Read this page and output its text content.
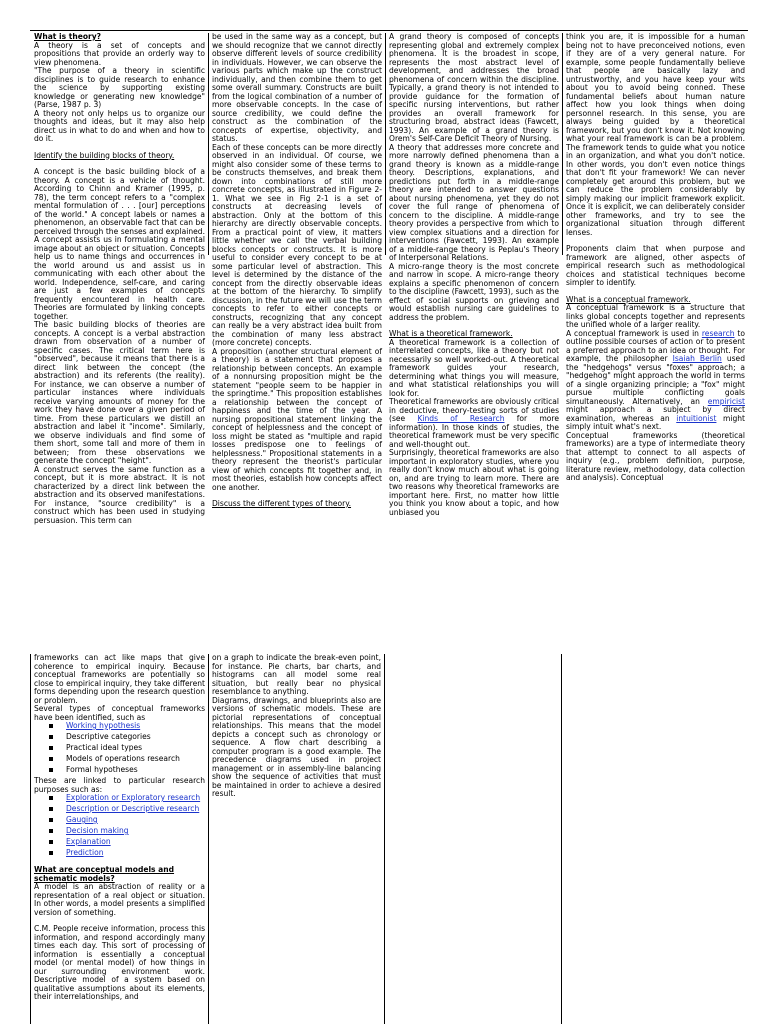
What is theory?

A theory is a set of concepts and propositions that provide an orderly way to view phenomena.

"The purpose of a theory in scientific disciplines is to guide research to enhance the science by supporting existing knowledge or generating new knowledge" (Parse, 1987 p. 3)

A theory not only helps us to organize our thoughts and ideas, but it may also help direct us in what to do and when and how to do it.

Identify the building blocks of theory.

A concept is the basic building block of a theory. A concept is a vehicle of thought. According to Chinn and Kramer (1995, p. 78), the term concept refers to a "complex mental formulation of . . . [our] perceptions of the world." A concept labels or names a phenomenon, an observable fact that can be perceived through the senses and explained. A concept assists us in formulating a mental image about an object or situation. Concepts help us to name things and occurrences in the world around us and assist us in communicating with each other about the world. Independence, self-care, and caring are just a few examples of concepts frequently encountered in health care. Theories are formulated by linking concepts together.

The basic building blocks of theories are concepts. A concept is a verbal abstraction drawn from observation of a number of specific cases. The critical term here is "observed", because it means that there is a direct link between the concept (the abstraction) and its referents (the reality). For instance, we can observe a number of particular instances where individuals receive varying amounts of money for the work they have done over a given period of time. From these particulars we distill an abstraction and label it "income". Similarly, we observe individuals and find some of them short, some tall and more of them in between; from these observations we generate the concept "height".

A construct serves the same function as a concept, but it is more abstract. It is not characterized by a direct link between the abstraction and its observed manifestations. For instance, "source credibility" is a construct which has been used in studying persuasion. This term can

be used in the same way as a concept, but we should recognize that we cannot directly observe different levels of source credibility in individuals. However, we can observe the various parts which make up the construct individually, and then combine them to get some overall summary. Constructs are built from the logical combination of a number of more observable concepts. In the case of source credibility, we could define the construct as the combination of the concepts of expertise, objectivity, and status.

Each of these concepts can be more directly observed in an individual. Of course, we might also consider some of these terms to be constructs themselves, and break them down into combinations of still more concrete concepts, as illustrated in Figure 2-1. What we see in Fig 2-1 is a set of constructs at decreasing levels of abstraction. Only at the bottom of this hierarchy are directly observable concepts. From a practical point of view, it matters little whether we call the verbal building blocks concepts or constructs. It is more useful to consider every concept to be at some particular level of abstraction. This level is determined by the distance of the concept from the directly observable ideas at the bottom of the hierarchy. To simplify discussion, in the future we will use the term concepts to refer to either concepts or constructs, recognizing that any concept can really be a very abstract idea built from the combination of many less abstract (more concrete) concepts.

A proposition (another structural element of a theory) is a statement that proposes a relationship between concepts. An example of a nonnursing proposition might be the statement "people seem to be happier in the springtime." This proposition establishes a relationship between the concept of happiness and the time of the year. A nursing propositional statement linking the concept of helplessness and the concept of loss might be stated as "multiple and rapid losses predispose one to feelings of helplessness." Propositional statements in a theory represent the theorist's particular view of which concepts fit together and, in most theories, establish how concepts affect one another.

Discuss the different types of theory.

A grand theory is composed of concepts representing global and extremely complex phenomena. It is the broadest in scope, represents the most abstract level of development, and addresses the broad phenomena of concern within the discipline. Typically, a grand theory is not intended to provide guidance for the formation of specific nursing interventions, but rather provides an overall framework for structuring broad, abstract ideas (Fawcett, 1993). An example of a grand theory is Orem's Self-Care Deficit Theory of Nursing.

A theory that addresses more concrete and more narrowly defined phenomena than a grand theory is known as a middle-range theory. Descriptions, explanations, and predictions put forth in a middle-range theory are intended to answer questions about nursing phenomena, yet they do not cover the full range of phenomena of concern to the discipline. A middle-range theory provides a perspective from which to view complex situations and a direction for interventions (Fawcett, 1993). An example of a middle-range theory is Peplau's Theory of Interpersonal Relations.

A micro-range theory is the most concrete and narrow in scope. A micro-range theory explains a specific phenomenon of concern to the discipline (Fawcett, 1993), such as the effect of social supports on grieving and would establish nursing care guidelines to address the problem.

What is a theoretical framework.

A theoretical framework is a collection of interrelated concepts, like a theory but not necessarily so well worked-out. A theoretical framework guides your research, determining what things you will measure, and what statistical relationships you will look for.

Theoretical frameworks are obviously critical in deductive, theory-testing sorts of studies (see Kinds of Research for more information). In those kinds of studies, the theoretical framework must be very specific and well-thought out.

Surprisingly, theoretical frameworks are also important in exploratory studies, where you really don't know much about what is going on, and are trying to learn more. There are two reasons why theoretical frameworks are important here. First, no matter how little you think you know about a topic, and how unbiased you

think you are, it is impossible for a human being not to have preconceived notions, even if they are of a very general nature. For example, some people fundamentally believe that people are basically lazy and untrustworthy, and you have keep your wits about you to avoid being conned. These fundamental beliefs about human nature affect how you look things when doing personnel research. In this sense, you are always being guided by a theoretical framework, but you don't know it. Not knowing what your real framework is can be a problem. The framework tends to guide what you notice in an organization, and what you don't notice. In other words, you don't even notice things that don't fit your framework! We can never completely get around this problem, but we can reduce the problem considerably by simply making our implicit framework explicit. Once it is explicit, we can deliberately consider other frameworks, and try to see the organizational situation through different lenses.

Proponents claim that when purpose and framework are aligned, other aspects of empirical research such as methodological choices and statistical techniques become simpler to identify.

What is a conceptual framework.

A conceptual framework is a structure that links global concepts together and represents the unified whole of a larger reality.

A conceptual framework is used in research to outline possible courses of action or to present a preferred approach to an idea or thought. For example, the philosopher Isaiah Berlin used the "hedgehogs" versus "foxes" approach; a "hedgehog" might approach the world in terms of a single organizing principle; a "fox" might pursue multiple conflicting goals simultaneously. Alternatively, an empiricist might approach a subject by direct examination, whereas an intuitionist might simply intuit what's next.

Conceptual frameworks (theoretical frameworks) are a type of intermediate theory that attempt to connect to all aspects of inquiry (e.g., problem definition, purpose, literature review, methodology, data collection and analysis). Conceptual

frameworks can act like maps that give coherence to empirical inquiry. Because conceptual frameworks are potentially so close to empirical inquiry, they take different forms depending upon the research question or problem.

Several types of conceptual frameworks have been identified, such as

Working hypothesis
Descriptive categories
Practical ideal types
Models of operations research
Formal hypotheses

These are linked to particular research purposes such as:

Exploration or Exploratory research
Description or Descriptive research
Gauging
Decision making
Explanation
Prediction

What are conceptual models and schematic models?

A model is an abstraction of reality or a representation of a real object or situation. In other words, a model presents a simplified version of something.

C.M. People receive information, process this information, and respond accordingly many times each day. This sort of processing of information is essentially a conceptual model (or mental model) of how things in our surrounding environment work. Descriptive model of a system based on qualitative assumptions about its elements, their interrelationships, and

on a graph to indicate the break-even point, for instance. Pie charts, bar charts, and histograms can all model some real situation, but really bear no physical resemblance to anything.

Diagrams, drawings, and blueprints also are versions of schematic models. These are pictorial representations of conceptual relationships. This means that the model depicts a concept such as chronology or sequence. A flow chart describing a computer program is a good example. The precedence diagrams used in project management or in assembly-line balancing show the sequence of activities that must be maintained in order to achieve a desired result.
